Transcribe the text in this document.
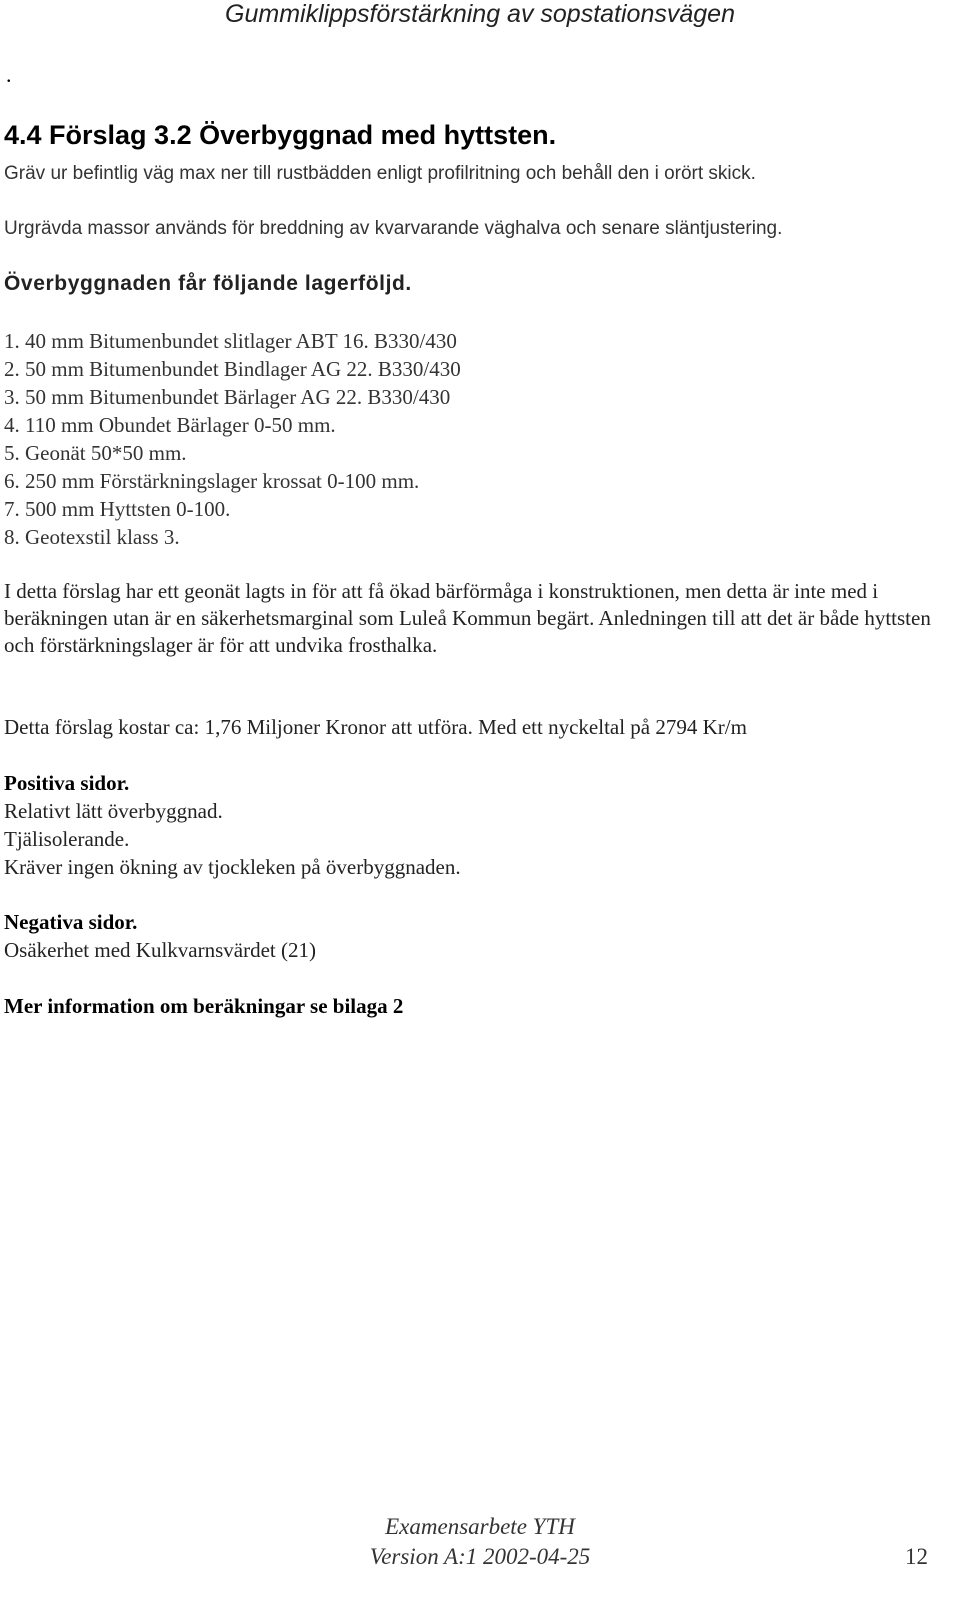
Gummiklippsförstärkning av sopstationsvägen
.
4.4 Förslag 3.2 Överbyggnad med hyttsten.
Gräv ur befintlig väg max ner till rustbädden enligt profilritning och behåll den i orört skick.
Urgrävda massor används för breddning av kvarvarande väghalva och senare släntjustering.
Överbyggnaden får följande lagerföljd.
1. 40 mm Bitumenbundet slitlager ABT 16. B330/430
2. 50 mm Bitumenbundet Bindlager AG 22. B330/430
3. 50 mm Bitumenbundet Bärlager AG 22. B330/430
4. 110 mm Obundet Bärlager 0-50 mm.
5. Geonät 50*50 mm.
6. 250 mm Förstärkningslager krossat 0-100 mm.
7. 500 mm Hyttsten 0-100.
8. Geotexstil klass 3.
I detta förslag har ett geonät lagts in för att få ökad bärförmåga i konstruktionen, men detta är inte med i beräkningen utan är en säkerhetsmarginal som Luleå Kommun begärt. Anledningen till att det är både hyttsten och förstärkningslager är för att undvika frosthalka.
Detta förslag kostar ca: 1,76 Miljoner Kronor att utföra. Med ett nyckeltal på 2794 Kr/m
Positiva sidor.
Relativt lätt överbyggnad.
Tjälisolerande.
Kräver ingen ökning av tjockleken på överbyggnaden.
Negativa sidor.
Osäkerhet med Kulkvarnsvärdet (21)
Mer information om beräkningar se bilaga 2
Examensarbete YTH
Version A:1 2002-04-25	12
